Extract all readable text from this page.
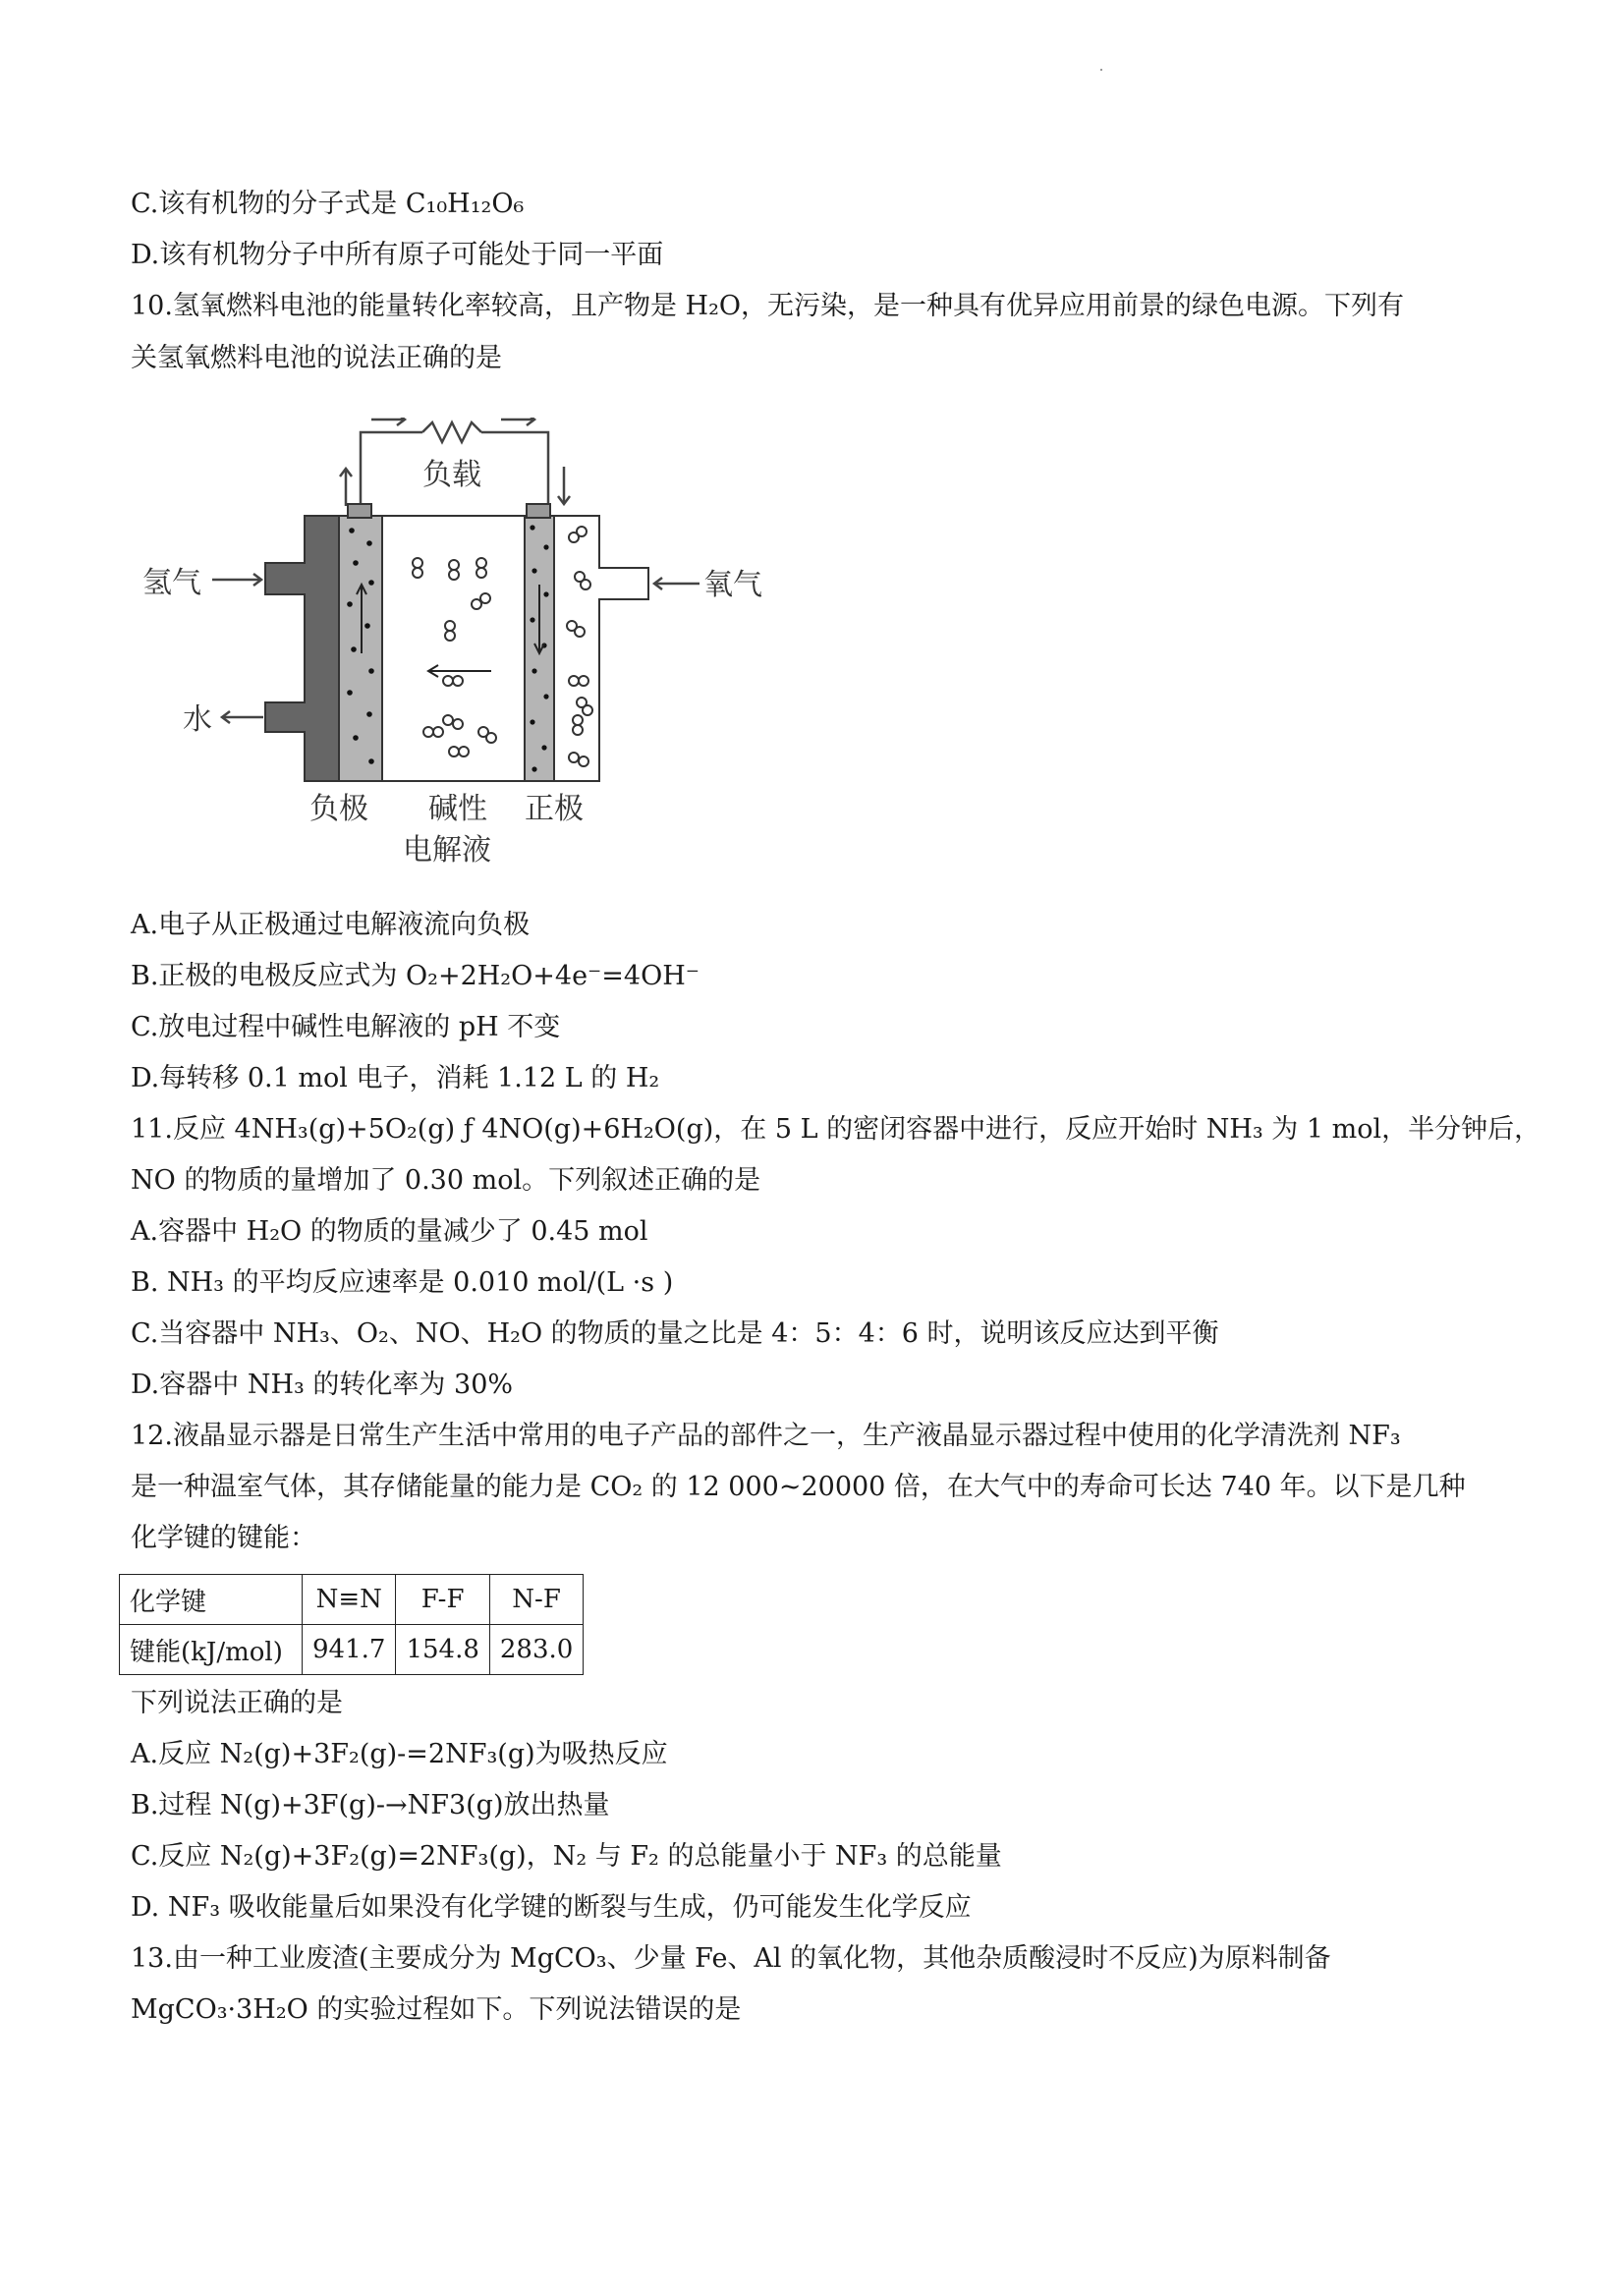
C.该有机物的分子式是 C₁₀H₁₂O₆
D.该有机物分子中所有原子可能处于同一平面
10.氢氧燃料电池的能量转化率较高，且产物是 H₂O，无污染，是一种具有优异应用前景的绿色电源。下列有
关氢氧燃料电池的说法正确的是
负载
氢气
水
氧气
负极 碱性 正极
电解液
A.电子从正极通过电解液流向负极
B.正极的电极反应式为 O₂+2H₂O+4e⁻=4OH⁻
C.放电过程中碱性电解液的 pH 不变
D.每转移 0.1 mol 电子，消耗 1.12 L 的 H₂
11.反应 4NH₃(g)+5O₂(g) ƒ 4NO(g)+6H₂O(g)，在 5 L 的密闭容器中进行，反应开始时 NH₃ 为 1 mol，半分钟后，
NO 的物质的量增加了 0.30 mol。下列叙述正确的是
A.容器中 H₂O 的物质的量减少了 0.45 mol
B. NH₃ 的平均反应速率是 0.010 mol/(L ·s )
C.当容器中 NH₃、O₂、NO、H₂O 的物质的量之比是 4：5：4：6 时，说明该反应达到平衡
D.容器中 NH₃ 的转化率为 30%
12.液晶显示器是日常生产生活中常用的电子产品的部件之一，生产液晶显示器过程中使用的化学清洗剂 NF₃
是一种温室气体，其存储能量的能力是 CO₂ 的 12 000~20000 倍，在大气中的寿命可长达 740 年。以下是几种
化学键的键能：
化学键	N≡N	F-F	N-F
键能(kJ/mol)	941.7	154.8	283.0
下列说法正确的是
A.反应 N₂(g)+3F₂(g)-=2NF₃(g)为吸热反应
B.过程 N(g)+3F(g)-→NF3(g)放出热量
C.反应 N₂(g)+3F₂(g)=2NF₃(g)，N₂ 与 F₂ 的总能量小于 NF₃ 的总能量
D. NF₃ 吸收能量后如果没有化学键的断裂与生成，仍可能发生化学反应
13.由一种工业废渣(主要成分为 MgCO₃、少量 Fe、Al 的氧化物，其他杂质酸浸时不反应)为原料制备
MgCO₃·3H₂O 的实验过程如下。下列说法错误的是
